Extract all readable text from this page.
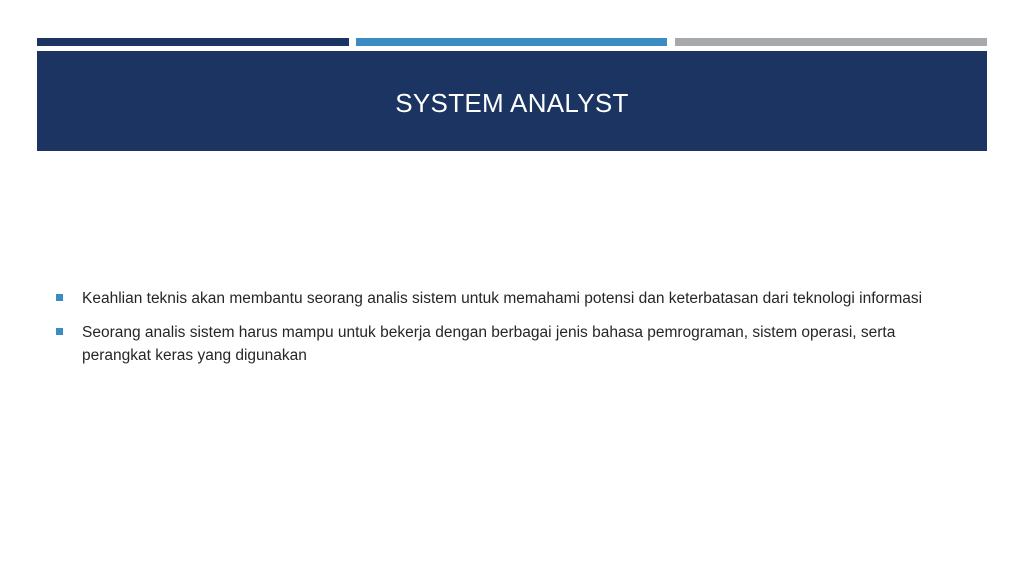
SYSTEM ANALYST
Keahlian teknis akan membantu seorang analis sistem untuk memahami potensi dan keterbatasan dari teknologi informasi
Seorang analis sistem harus mampu untuk bekerja dengan berbagai jenis bahasa pemrograman, sistem operasi, serta perangkat keras yang digunakan
